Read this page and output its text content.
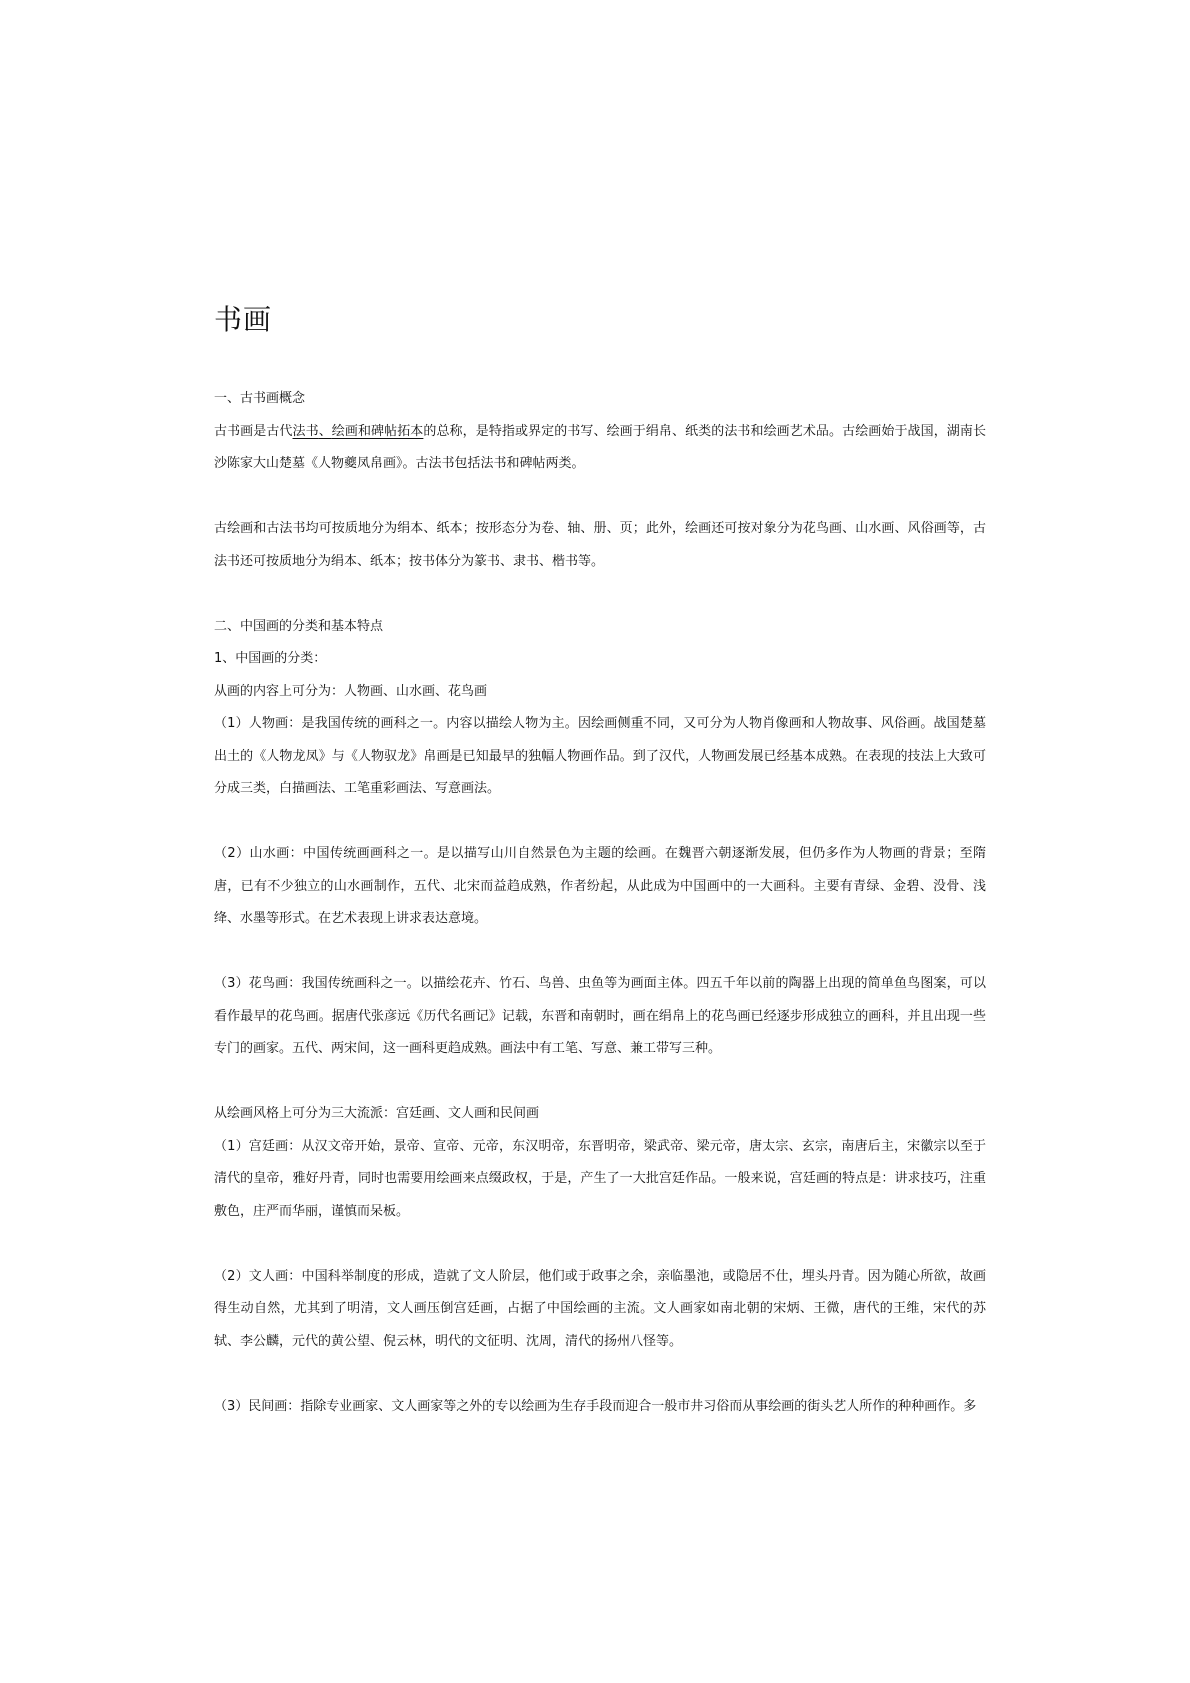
书画

一、古书画概念

古书画是古代法书、绘画和碑帖拓本的总称，是特指或界定的书写、绘画于绢帛、纸类的法书和绘画艺术品。古绘画始于战国，湖南长沙陈家大山楚墓《人物夔凤帛画》。古法书包括法书和碑帖两类。

古绘画和古法书均可按质地分为绢本、纸本；按形态分为卷、轴、册、页；此外，绘画还可按对象分为花鸟画、山水画、风俗画等，古法书还可按质地分为绢本、纸本；按书体分为篆书、隶书、楷书等。

二、中国画的分类和基本特点

1、中国画的分类：

从画的内容上可分为：人物画、山水画、花鸟画

（1）人物画：是我国传统的画科之一。内容以描绘人物为主。因绘画侧重不同，又可分为人物肖像画和人物故事、风俗画。战国楚墓出土的《人物龙凤》与《人物驭龙》帛画是已知最早的独幅人物画作品。到了汉代，人物画发展已经基本成熟。在表现的技法上大致可分成三类，白描画法、工笔重彩画法、写意画法。

（2）山水画：中国传统画画科之一。是以描写山川自然景色为主题的绘画。在魏晋六朝逐渐发展，但仍多作为人物画的背景；至隋唐，已有不少独立的山水画制作，五代、北宋而益趋成熟，作者纷起，从此成为中国画中的一大画科。主要有青绿、金碧、没骨、浅绛、水墨等形式。在艺术表现上讲求表达意境。

（3）花鸟画：我国传统画科之一。以描绘花卉、竹石、鸟兽、虫鱼等为画面主体。四五千年以前的陶器上出现的简单鱼鸟图案，可以看作最早的花鸟画。据唐代张彦远《历代名画记》记载，东晋和南朝时，画在绢帛上的花鸟画已经逐步形成独立的画科，并且出现一些专门的画家。五代、两宋间，这一画科更趋成熟。画法中有工笔、写意、兼工带写三种。

从绘画风格上可分为三大流派：宫廷画、文人画和民间画

（1）宫廷画：从汉文帝开始，景帝、宣帝、元帝，东汉明帝，东晋明帝，梁武帝、梁元帝，唐太宗、玄宗，南唐后主，宋徽宗以至于清代的皇帝，雅好丹青，同时也需要用绘画来点缀政权，于是，产生了一大批宫廷作品。一般来说，宫廷画的特点是：讲求技巧，注重敷色，庄严而华丽，谨慎而呆板。

（2）文人画：中国科举制度的形成，造就了文人阶层，他们或于政事之余，亲临墨池，或隐居不仕，埋头丹青。因为随心所欲，故画得生动自然，尤其到了明清，文人画压倒宫廷画，占据了中国绘画的主流。文人画家如南北朝的宋炳、王微，唐代的王维，宋代的苏轼、李公麟，元代的黄公望、倪云林，明代的文征明、沈周，清代的扬州八怪等。

（3）民间画：指除专业画家、文人画家等之外的专以绘画为生存手段而迎合一般市井习俗而从事绘画的街头艺人所作的种种画作。多
